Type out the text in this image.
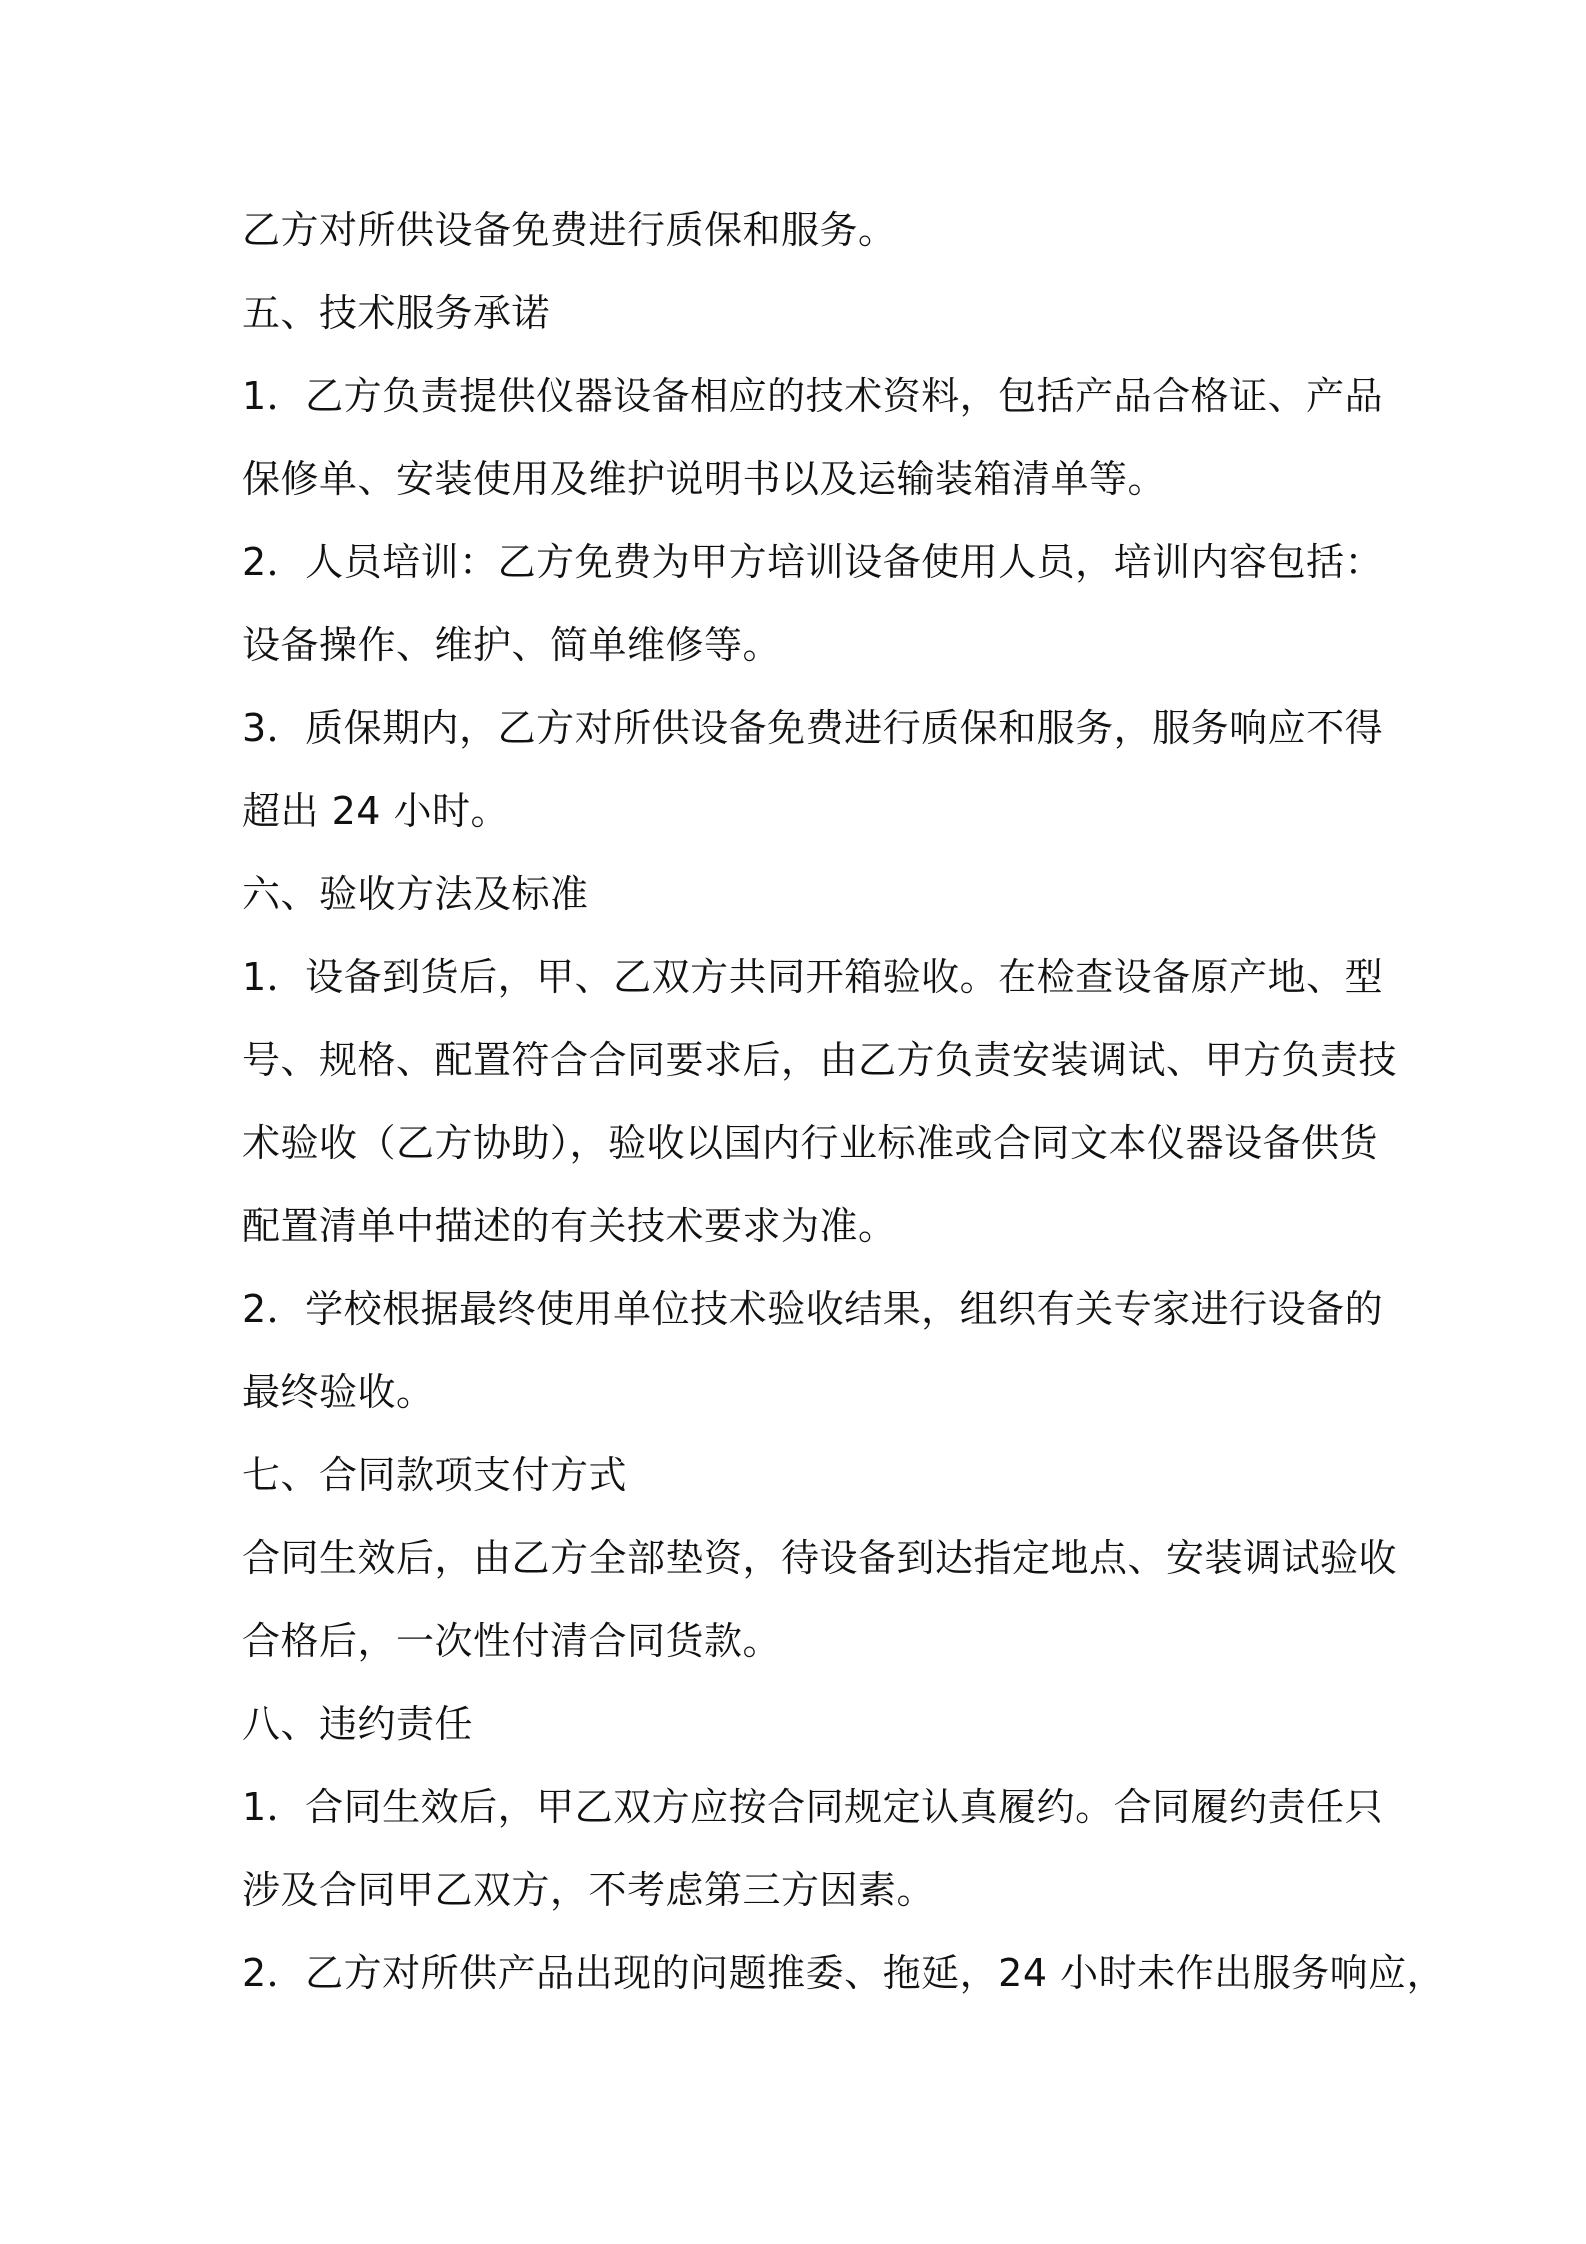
乙方对所供设备免费进行质保和服务。
五、技术服务承诺
1．乙方负责提供仪器设备相应的技术资料，包括产品合格证、产品
保修单、安装使用及维护说明书以及运输装箱清单等。
2．人员培训：乙方免费为甲方培训设备使用人员，培训内容包括：
设备操作、维护、简单维修等。
3．质保期内，乙方对所供设备免费进行质保和服务，服务响应不得
超出 24 小时。
六、验收方法及标准
1．设备到货后，甲、乙双方共同开箱验收。在检查设备原产地、型
号、规格、配置符合合同要求后，由乙方负责安装调试、甲方负责技
术验收（乙方协助），验收以国内行业标准或合同文本仪器设备供货
配置清单中描述的有关技术要求为准。
2．学校根据最终使用单位技术验收结果，组织有关专家进行设备的
最终验收。
七、合同款项支付方式
合同生效后，由乙方全部垫资，待设备到达指定地点、安装调试验收
合格后，一次性付清合同货款。
八、违约责任
1．合同生效后，甲乙双方应按合同规定认真履约。合同履约责任只
涉及合同甲乙双方，不考虑第三方因素。
2．乙方对所供产品出现的问题推委、拖延，24 小时未作出服务响应，
